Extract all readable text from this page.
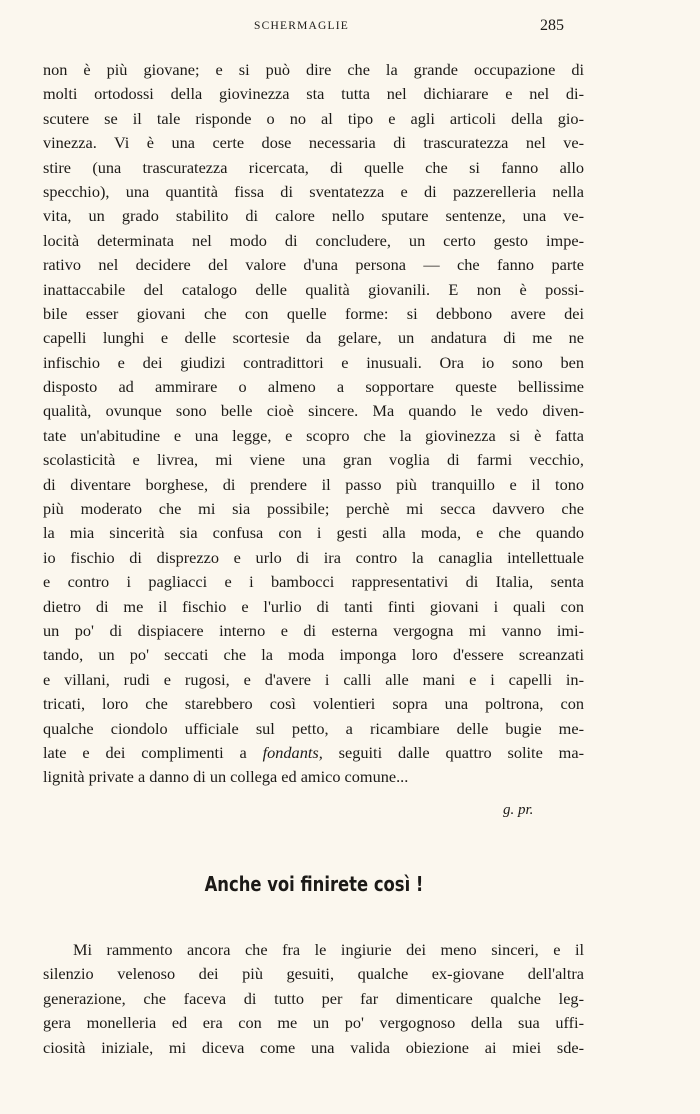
SCHERMAGLIE	285
non è più giovane; e si può dire che la grande occupazione di
molti ortodossi della giovinezza sta tutta nel dichiarare e nel di-
scutere se il tale risponde o no al tipo e agli articoli della gio-
vinezza. Vi è una certe dose necessaria di trascuratezza nel ve-
stire (una trascuratezza ricercata, di quelle che si fanno allo
specchio), una quantità fissa di sventatezza e di pazzerelleria nella
vita, un grado stabilito di calore nello sputare sentenze, una ve-
locità determinata nel modo di concludere, un certo gesto impe-
rativo nel decidere del valore d'una persona — che fanno parte
inattaccabile del catalogo delle qualità giovanili. E non è possi-
bile esser giovani che con quelle forme: si debbono avere dei
capelli lunghi e delle scortesie da gelare, un andatura di me ne
infischio e dei giudizi contradittori e inusuali. Ora io sono ben
disposto ad ammirare o almeno a sopportare queste bellissime
qualità, ovunque sono belle cioè sincere. Ma quando le vedo diven-
tate un'abitudine e una legge, e scopro che la giovinezza si è fatta
scolasticità e livrea, mi viene una gran voglia di farmi vecchio,
di diventare borghese, di prendere il passo più tranquillo e il tono
più moderato che mi sia possibile; perchè mi secca davvero che
la mia sincerità sia confusa con i gesti alla moda, e che quando
io fischio di disprezzo e urlo di ira contro la canaglia intellettuale
e contro i pagliacci e i bambocci rappresentativi di Italia, senta
dietro di me il fischio e l'urlio di tanti finti giovani i quali con
un po' di dispiacere interno e di esterna vergogna mi vanno imi-
tando, un po' seccati che la moda imponga loro d'essere screanzati
e villani, rudi e rugosi, e d'avere i calli alle mani e i capelli in-
tricati, loro che starebbero così volentieri sopra una poltrona, con
qualche ciondolo ufficiale sul petto, a ricambiare delle bugie me-
late e dei complimenti a fondants, seguiti dalle quattro solite ma-
lignità private a danno di un collega ed amico comune...
g. pr.
Anche voi finirete così !
Mi rammento ancora che fra le ingiurie dei meno sinceri, e il
silenzio velenoso dei più gesuiti, qualche ex-giovane dell'altra
generazione, che faceva di tutto per far dimenticare qualche leg-
gera monelleria ed era con me un po' vergognoso della sua uffi-
ciosità iniziale, mi diceva come una valida obiezione ai miei sde-
